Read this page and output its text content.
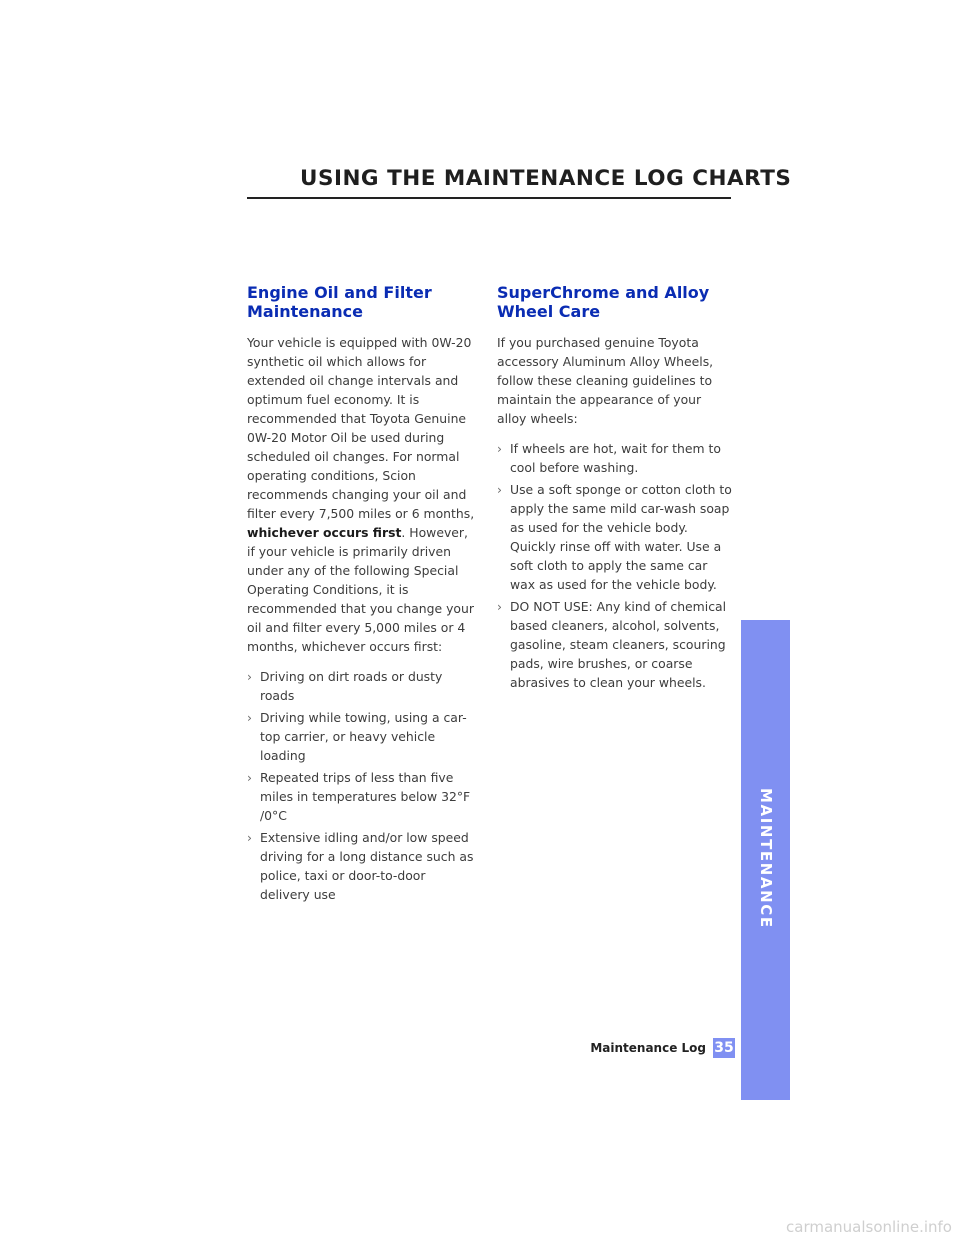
USING THE MAINTENANCE LOG CHARTS
Engine Oil and Filter
Maintenance

Your vehicle is equipped with 0W-20 synthetic oil which allows for extended oil change intervals and optimum fuel economy. It is recommended that Toyota Genuine 0W-20 Motor Oil be used during scheduled oil changes. For normal operating conditions, Scion recommends changing your oil and filter every 7,500 miles or 6 months,
whichever occurs first. However, if your vehicle is primarily driven under any of the following Special Operating Conditions, it is recommended that you change your oil and filter every 5,000 miles or 4 months, whichever occurs first:

› Driving on dirt roads or dusty roads
› Driving while towing, using a car-top carrier, or heavy vehicle loading
› Repeated trips of less than five miles in temperatures below 32°F /0°C
› Extensive idling and/or low speed driving for a long distance such as police, taxi or door-to-door delivery use
SuperChrome and Alloy
Wheel Care

If you purchased genuine Toyota accessory Aluminum Alloy Wheels, follow these cleaning guidelines to maintain the appearance of your alloy wheels:

› If wheels are hot, wait for them to cool before washing.
› Use a soft sponge or cotton cloth to apply the same mild car-wash soap as used for the vehicle body. Quickly rinse off with water. Use a soft cloth to apply the same car wax as used for the vehicle body.
› DO NOT USE: Any kind of chemical based cleaners, alcohol, solvents, gasoline, steam cleaners, scouring pads, wire brushes, or coarse abrasives to clean your wheels.
MAINTENANCE
Maintenance Log 35
carmanualsonline.info
